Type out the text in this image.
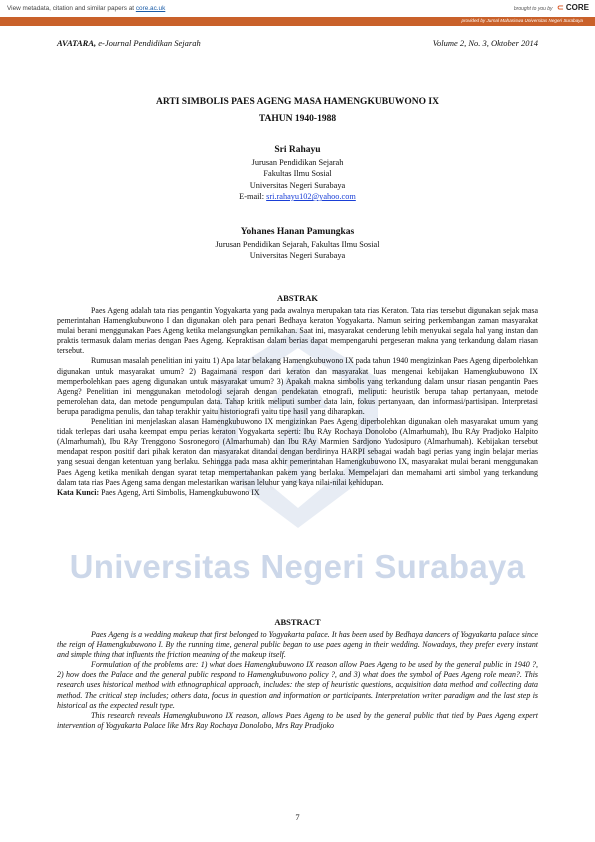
View metadata, citation and similar papers at core.ac.uk	brought to you by ⊂ CORE
provided by Jurnal Mahasiswa Universitas Negeri Surabaya
Universitas Negeri Surabaya
AVATARA, e-Journal Pendidikan Sejarah	Volume 2, No. 3, Oktober 2014
ARTI SIMBOLIS PAES AGENG MASA HAMENGKUBUWONO IX
TAHUN 1940-1988
Sri Rahayu
Jurusan Pendidikan Sejarah
Fakultas Ilmu Sosial
Universitas Negeri Surabaya
E-mail: sri.rahayu102@yahoo.com
Yohanes Hanan Pamungkas
Jurusan Pendidikan Sejarah, Fakultas Ilmu Sosial
Universitas Negeri Surabaya
ABSTRAK

Paes Ageng adalah tata rias pengantin Yogyakarta yang pada awalnya merupakan tata rias Keraton. Tata rias tersebut digunakan sejak masa pemerintahan Hamengkubuwono I dan digunakan oleh para penari Bedhaya keraton Yogyakarta. Namun seiring perkembangan zaman masyarakat mulai berani menggunakan Paes Ageng ketika melangsungkan pernikahan. Saat ini, masyarakat cenderung lebih menyukai segala hal yang instan dan praktis termasuk dalam merias dengan Paes Ageng. Kepraktisan dalam berias dapat mempengaruhi pergeseran makna yang terkandung dalam riasan tersebut.

Rumusan masalah penelitian ini yaitu 1) Apa latar belakang Hamengkubuwono IX pada tahun 1940 mengizinkan Paes Ageng diperbolehkan digunakan untuk masyarakat umum? 2) Bagaimana respon dari keraton dan masyarakat luas mengenai kebijakan Hamengkubuwono IX memperbolehkan paes ageng digunakan untuk masyarakat umum? 3) Apakah makna simbolis yang terkandung dalam unsur riasan pengantin Paes Ageng? Penelitian ini menggunakan metodologi sejarah dengan pendekatan etnografi, meliputi: heuristik berupa tahap pertanyaan, metode pemerolehan data, dan metode pengumpulan data. Tahap kritik meliputi sumber data lain, fokus pertanyaan, dan informasi/partisipan. Interpretasi berupa paradigma penulis, dan tahap terakhir yaitu historiografi yaitu tipe hasil yang diharapkan.

Penelitian ini menjelaskan alasan Hamengkubuwono IX mengizinkan Paes Ageng diperbolehkan digunakan oleh masyarakat umum yang tidak terlepas dari usaha keempat empu perias keraton Yogyakarta seperti: Ibu RAy Rochaya Donolobo (Almarhumah), Ibu RAy Pradjoko Halpito (Almarhumah), Ibu RAy Trenggono Sosronegoro (Almarhumah) dan Ibu RAy Marmien Sardjono Yudosipuro (Almarhumah). Kebijakan tersebut mendapat respon positif dari pihak keraton dan masyarakat ditandai dengan berdirinya HARPI sebagai wadah bagi perias yang ingin belajar merias yang sesuai dengan ketentuan yang berlaku. Sehingga pada masa akhir pemerintahan Hamengkubuwono IX, masyarakat mulai berani menggunakan Paes Ageng ketika menikah dengan syarat tetap mempertahankan pakem yang berlaku. Mempelajari dan memahami arti simbol yang terkandung dalam tata rias Paes Ageng sama dengan melestarikan warisan leluhur yang kaya nilai-nilai kehidupan.

Kata Kunci: Paes Ageng, Arti Simbolis, Hamengkubuwono IX

ABSTRACT

Paes Ageng is a wedding makeup that first belonged to Yogyakarta palace. It has been used by Bedhaya dancers of Yogyakarta palace since the reign of Hamengkubuwono I. By the running time, general public began to use paes ageng in their wedding. Nowadays, they prefer every instant and simple thing that influents the friction meaning of the makeup itself.

Formulation of the problems are: 1) what does Hamengkubuwono IX reason allow Paes Ageng to be used by the general public in 1940 ?, 2) how does the Palace and the general public respond to Hamengkubuwono policy ?, and 3) what does the symbol of Paes Ageng role mean?. This research uses historical method with ethnographical approach, includes: the step of heuristic questions, acquisition data method and collecting data method. The critical step includes; others data, focus in question and information or participants. Interpretation writer paradigm and the last step is historical as the expected result type.

This research reveals Hamengkubuwono IX reason, allows Paes Ageng to be used by the general public that tied by Paes Ageng expert intervention of Yogyakarta Palace like Mrs Ray Rochaya Donolobo, Mrs Ray Pradjoko

7
